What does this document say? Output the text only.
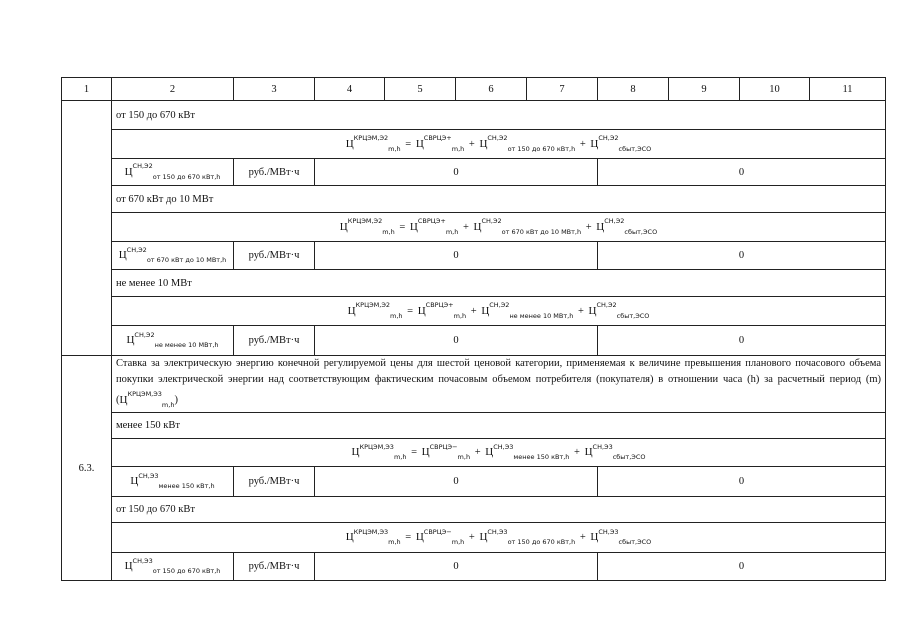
1	2	3	4	5	6	7	8	9	10	11
	от 150 до 670 кВт									
	$Ц^{КРЦЭМ,Э2}_{m,h} = Ц^{СВРЦЭ+}_{m,h} + Ц^{СН,Э2}_{от 150 до 670 кВт,h} + Ц^{СН,Э2}_{сбыт,ЭСО}$
	$Ц^{СН,Э2}_{от 150 до 670 кВт,h}$	руб./МВт·ч	0				0			
	от 670 кВт до 10 МВт									
	$Ц^{КРЦЭМ,Э2}_{m,h} = Ц^{СВРЦЭ+}_{m,h} + Ц^{СН,Э2}_{от 670 кВт до 10 МВт,h} + Ц^{СН,Э2}_{сбыт,ЭСО}$
	$Ц^{СН,Э2}_{от 670 кВт до 10 МВт,h}$	руб./МВт·ч	0				0			
	не менее 10 МВт									
	$Ц^{КРЦЭМ,Э2}_{m,h} = Ц^{СВРЦЭ+}_{m,h} + Ц^{СН,Э2}_{не менее 10 МВт,h} + Ц^{СН,Э2}_{сбыт,ЭСО}$
	$Ц^{СН,Э2}_{не менее 10 МВт,h}$	руб./МВт·ч	0				0			
6.3.	Ставка за электрическую энергию конечной регулируемой цены для шестой ценовой категории, применяемая к величине превышения планового почасового объема покупки электрической энергии над соответствующим фактическим почасовым объемом потребителя (покупателя) в отношении часа (h) за расчетный период (m) $(Ц^{КРЦЭМ,Э3}_{m,h})$									
	менее 150 кВт									
	$Ц^{КРЦЭМ,Э3}_{m,h} = Ц^{СВРЦЭ-}_{m,h} + Ц^{СН,Э3}_{менее 150 кВт,h} + Ц^{СН,Э3}_{сбыт,ЭСО}$
	$Ц^{СН,Э3}_{менее 150 кВт,h}$	руб./МВт·ч	0				0			
	от 150 до 670 кВт									
	$Ц^{КРЦЭМ,Э3}_{m,h} = Ц^{СВРЦЭ-}_{m,h} + Ц^{СН,Э3}_{от 150 до 670 кВт,h} + Ц^{СН,Э3}_{сбыт,ЭСО}$
	$Ц^{СН,Э3}_{от 150 до 670 кВт,h}$	руб./МВт·ч	0				0			
